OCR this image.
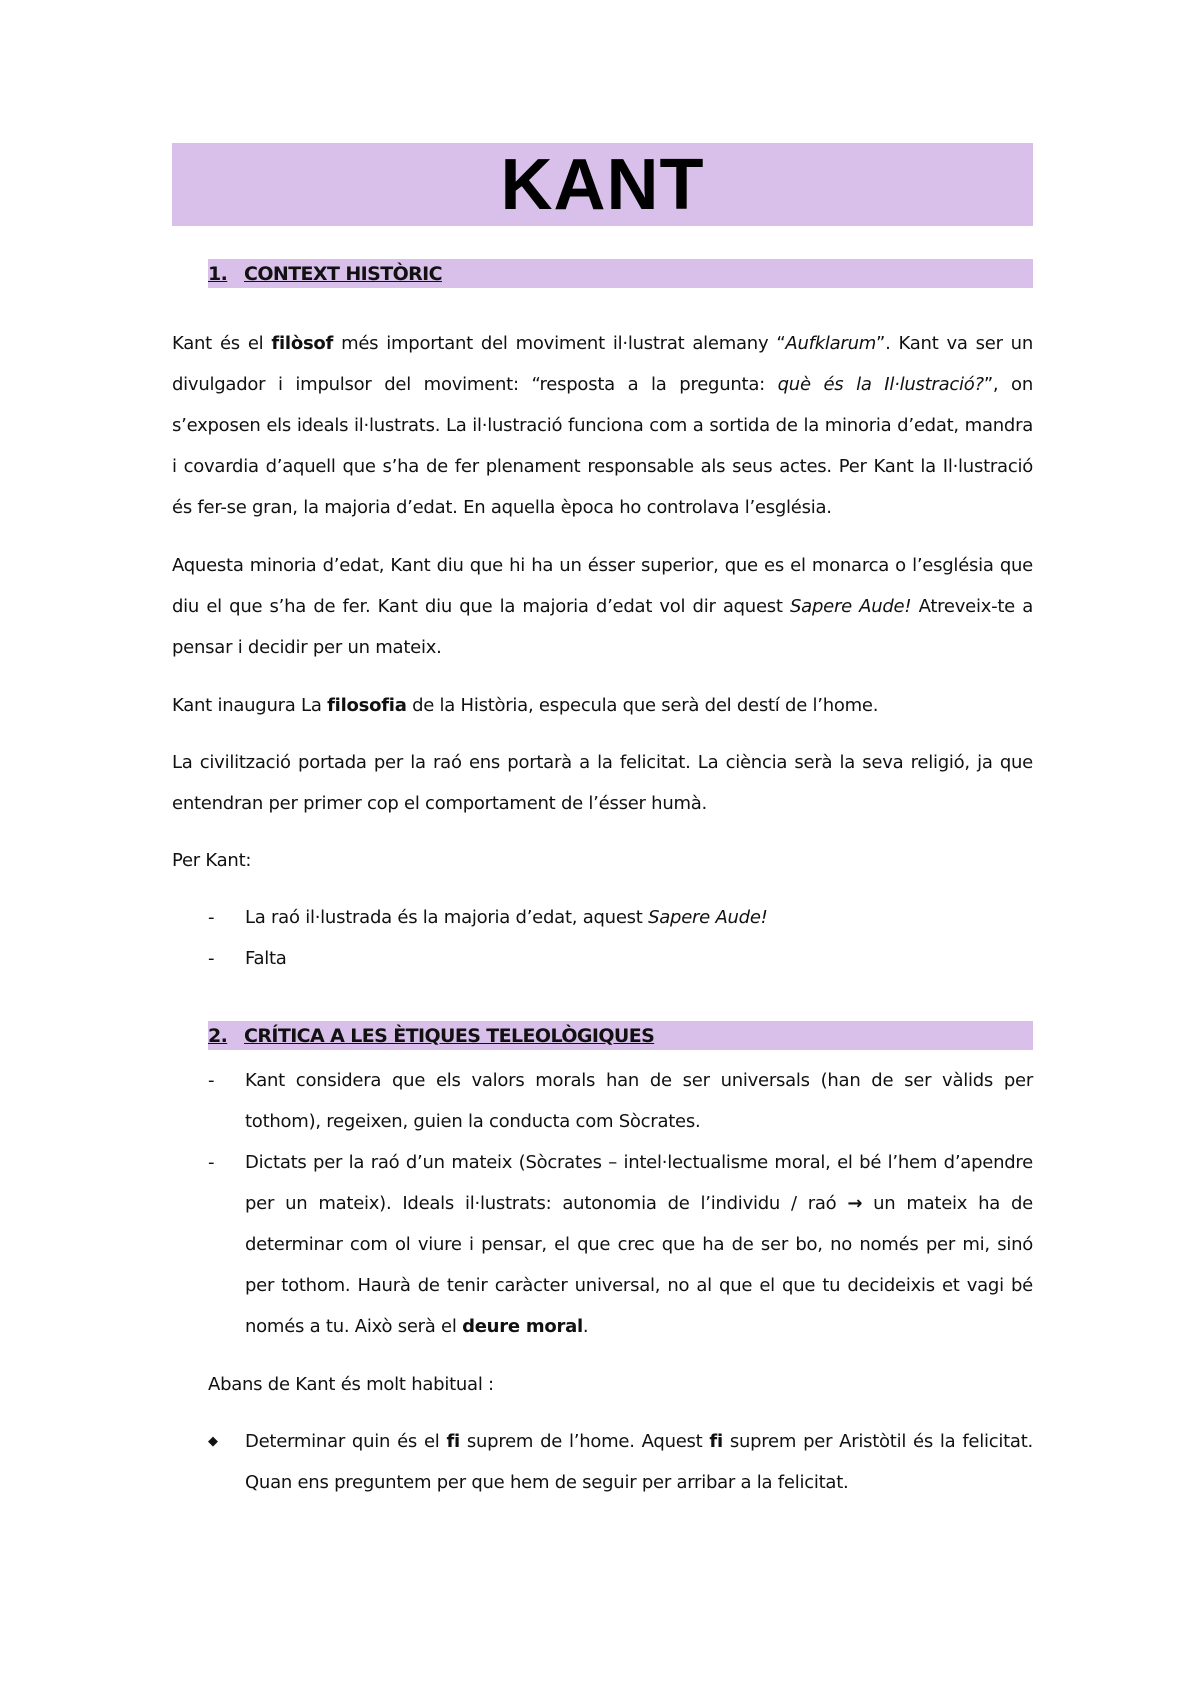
KANT
1. CONTEXT HISTÒRIC
Kant és el filòsof més important del moviment il·lustrat alemany “Aufklarum”. Kant va ser un divulgador i impulsor del moviment: “resposta a la pregunta: què és la Il·lustració?”, on s’exposen els ideals il·lustrats. La il·lustració funciona com a sortida de la minoria d’edat, mandra i covardia d’aquell que s’ha de fer plenament responsable als seus actes. Per Kant la Il·lustració és fer-se gran, la majoria d’edat. En aquella època ho controlava l’església.
Aquesta minoria d’edat, Kant diu que hi ha un ésser superior, que es el monarca o l’església que diu el que s’ha de fer. Kant diu que la majoria d’edat vol dir aquest Sapere Aude! Atreveix-te a pensar i decidir per un mateix.
Kant inaugura La filosofia de la Història, especula que serà del destí de l’home.
La civilització portada per la raó ens portarà a la felicitat. La ciència serà la seva religió, ja que entendran per primer cop el comportament de l’ésser humà.
Per Kant:
-	La raó il·lustrada és la majoria d’edat, aquest Sapere Aude!
-	Falta
2. CRÍTICA A LES ÈTIQUES TELEOLÒGIQUES
-	Kant considera que els valors morals han de ser universals (han de ser vàlids per tothom), regeixen, guien la conducta com Sòcrates.
-	Dictats per la raó d’un mateix (Sòcrates – intel·lectualisme moral, el bé l’hem d’apendre per un mateix). Ideals il·lustrats: autonomia de l’individu / raó → un mateix ha de determinar com ol viure i pensar, el que crec que ha de ser bo, no només per mi, sinó per tothom. Haurà de tenir caràcter universal, no al que el que tu decideixis et vagi bé només a tu. Això serà el deure moral.
Abans de Kant és molt habitual :
◆	Determinar quin és el fi suprem de l’home. Aquest fi suprem per Aristòtil és la felicitat. Quan ens preguntem per que hem de seguir per arribar a la felicitat.
